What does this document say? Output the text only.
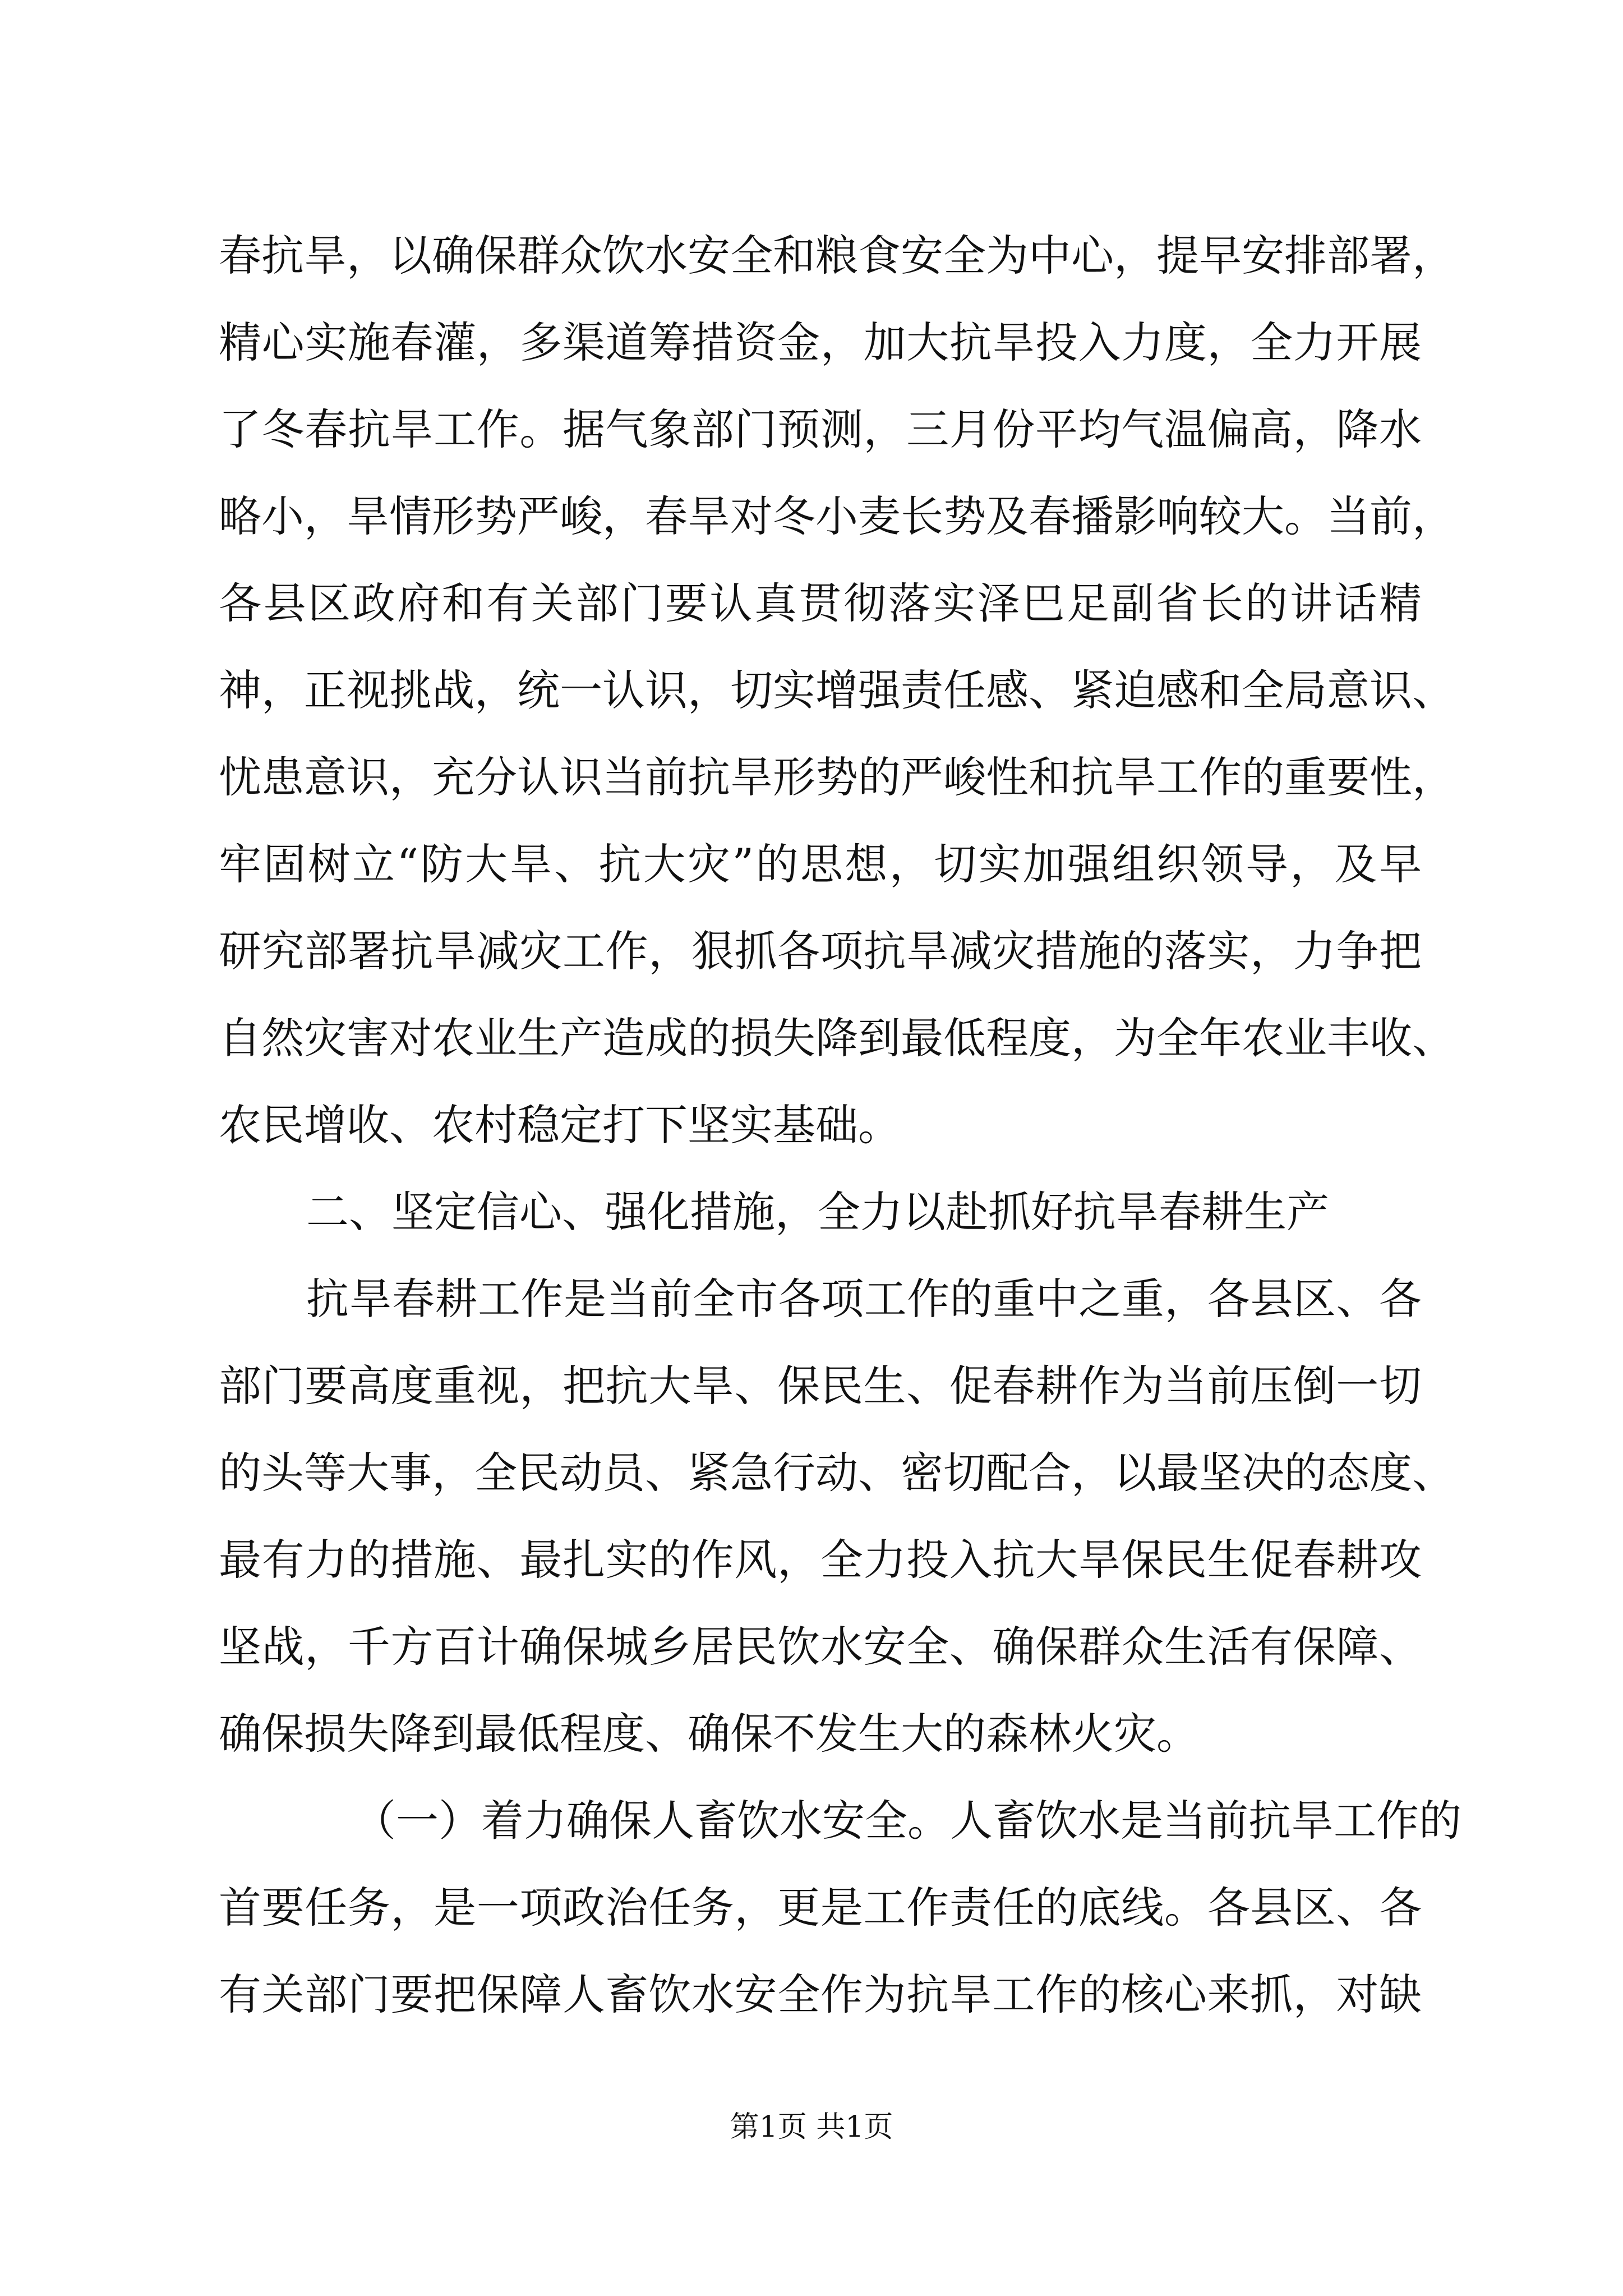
春抗旱，以确保群众饮水安全和粮食安全为中心，提早安排部署，
精心实施春灌，多渠道筹措资金，加大抗旱投入力度，全力开展
了冬春抗旱工作。据气象部门预测，三月份平均气温偏高，降水
略小，旱情形势严峻，春旱对冬小麦长势及春播影响较大。当前，
各县区政府和有关部门要认真贯彻落实泽巴足副省长的讲话精
神，正视挑战，统一认识，切实增强责任感、紧迫感和全局意识、
忧患意识，充分认识当前抗旱形势的严峻性和抗旱工作的重要性，
牢固树立“防大旱、抗大灾”的思想，切实加强组织领导，及早
研究部署抗旱减灾工作，狠抓各项抗旱减灾措施的落实，力争把
自然灾害对农业生产造成的损失降到最低程度，为全年农业丰收、
农民增收、农村稳定打下坚实基础。
二、坚定信心、强化措施，全力以赴抓好抗旱春耕生产
抗旱春耕工作是当前全市各项工作的重中之重，各县区、各
部门要高度重视，把抗大旱、保民生、促春耕作为当前压倒一切
的头等大事，全民动员、紧急行动、密切配合，以最坚决的态度、
最有力的措施、最扎实的作风，全力投入抗大旱保民生促春耕攻
坚战，千方百计确保城乡居民饮水安全、确保群众生活有保障、
确保损失降到最低程度、确保不发生大的森林火灾。
（一）着力确保人畜饮水安全。人畜饮水是当前抗旱工作的
首要任务，是一项政治任务，更是工作责任的底线。各县区、各
有关部门要把保障人畜饮水安全作为抗旱工作的核心来抓，对缺
第1页 共1页
